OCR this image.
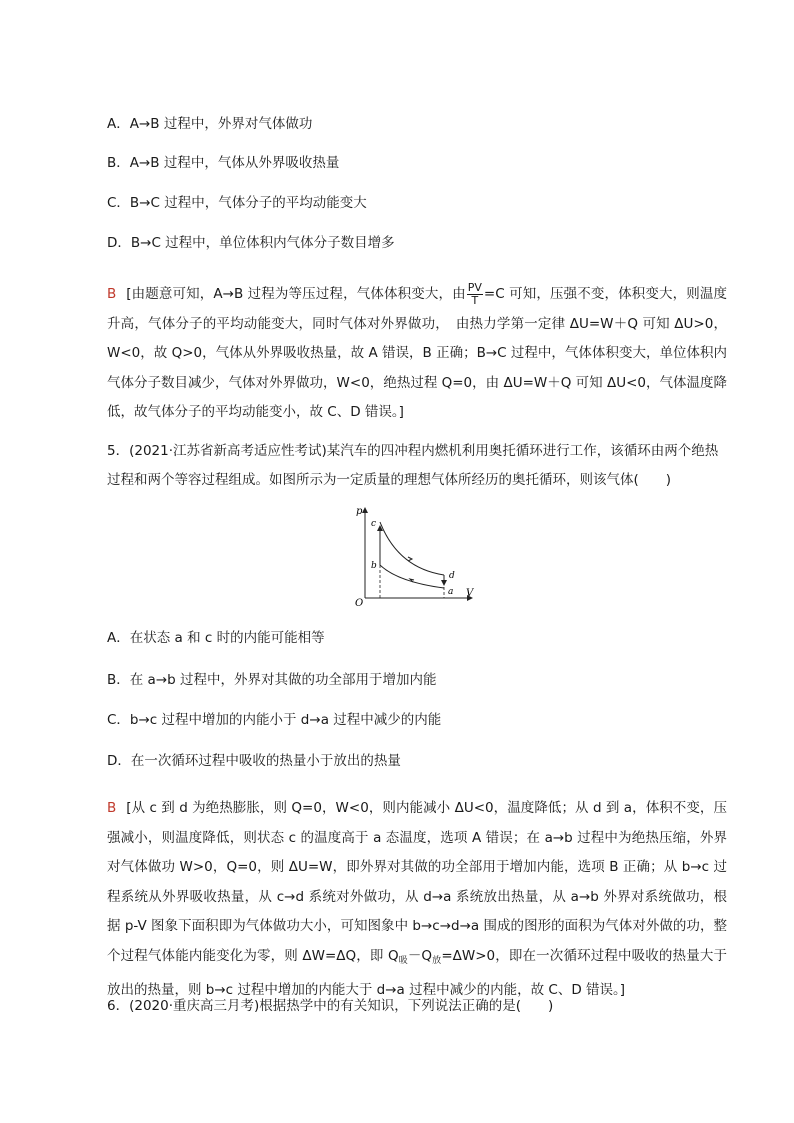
A．A→B 过程中，外界对气体做功
B．A→B 过程中，气体从外界吸收热量
C．B→C 过程中，气体分子的平均动能变大
D．B→C 过程中，单位体积内气体分子数目增多
B [由题意可知，A→B 过程为等压过程，气体体积变大，由 $\frac{PV}{T} =C$ 可知，压强不变，体积变大，则温度升高，气体分子的平均动能变大，同时气体对外界做功，　由热力学第一定律 ΔU=W＋Q 可知 ΔU>0，W<0，故 Q>0，气体从外界吸收热量，故 A 错误，B 正确；B→C 过程中，气体体积变大，单位体积内气体分子数目减少，气体对外界做功，W<0，绝热过程 Q=0，由 ΔU=W＋Q 可知 ΔU<0，气体温度降低，故气体分子的平均动能变小，故 C、D 错误。]
5．(2021·江苏省新高考适应性考试)某汽车的四冲程内燃机利用奥托循环进行工作，该循环由两个绝热过程和两个等容过程组成。如图所示为一定质量的理想气体所经历的奥托循环，则该气体(　　)
p
V
O
c
b
d
a
A．在状态 a 和 c 时的内能可能相等
B．在 a→b 过程中，外界对其做的功全部用于增加内能
C．b→c 过程中增加的内能小于 d→a 过程中减少的内能
D．在一次循环过程中吸收的热量小于放出的热量
B [从 c 到 d 为绝热膨胀，则 Q=0，W<0，则内能减小 ΔU<0，温度降低；从 d 到 a，体积不变，压强减小，则温度降低，则状态 c 的温度高于 a 态温度，选项 A 错误；在 a→b 过程中为绝热压缩，外界对气体做功 W>0，Q=0，则 ΔU=W，即外界对其做的功全部用于增加内能，选项 B 正确；从 b→c 过程系统从外界吸收热量，从 c→d 系统对外做功，从 d→a 系统放出热量，从 a→b 外界对系统做功，根据 p-V 图象下面积即为气体做功大小，可知图象中 b→c→d→a 围成的图形的面积为气体对外做的功，整个过程气体能内能变化为零，则 ΔW=ΔQ，即 $Q_吸-Q_放=\Delta W>0$，即在一次循环过程中吸收的热量大于放出的热量，则 b→c 过程中增加的内能大于 d→a 过程中减少的内能，故 C、D 错误。]
6．(2020·重庆高三月考)根据热学中的有关知识，下列说法正确的是(　　)
